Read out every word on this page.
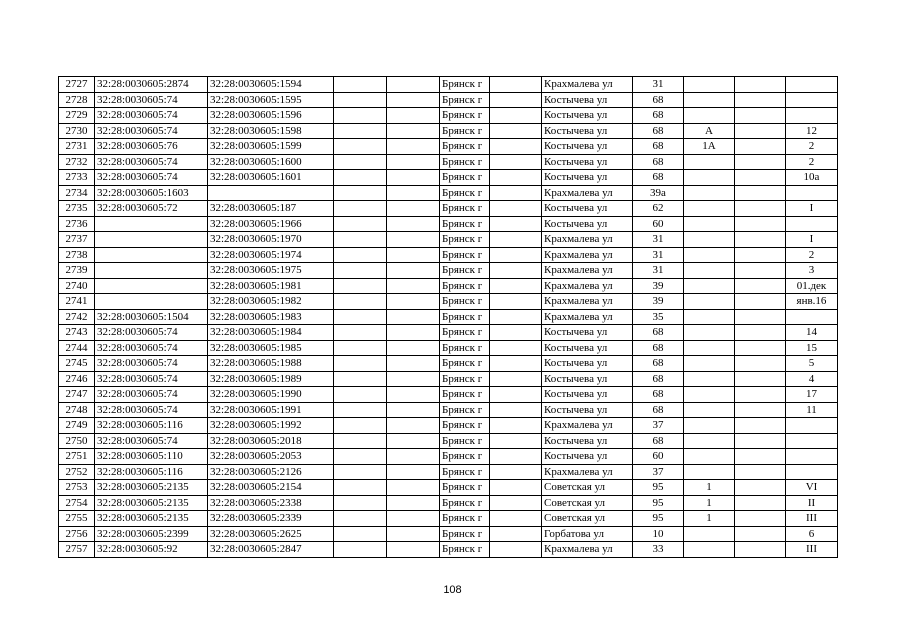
2727	32:28:0030605:2874	32:28:0030605:1594			Брянск г		Крахмалева ул	31			
2728	32:28:0030605:74	32:28:0030605:1595			Брянск г		Костычева ул	68			
2729	32:28:0030605:74	32:28:0030605:1596			Брянск г		Костычева ул	68			
2730	32:28:0030605:74	32:28:0030605:1598			Брянск г		Костычева ул	68	А		12
2731	32:28:0030605:76	32:28:0030605:1599			Брянск г		Костычева ул	68	1А		2
2732	32:28:0030605:74	32:28:0030605:1600			Брянск г		Костычева ул	68			2
2733	32:28:0030605:74	32:28:0030605:1601			Брянск г		Костычева ул	68			10а
2734	32:28:0030605:1603				Брянск г		Крахмалева ул	39а			
2735	32:28:0030605:72	32:28:0030605:187			Брянск г		Костычева ул	62			I
2736		32:28:0030605:1966			Брянск г		Костычева ул	60			
2737		32:28:0030605:1970			Брянск г		Крахмалева ул	31			I
2738		32:28:0030605:1974			Брянск г		Крахмалева ул	31			2
2739		32:28:0030605:1975			Брянск г		Крахмалева ул	31			3
2740		32:28:0030605:1981			Брянск г		Крахмалева ул	39			01.дек
2741		32:28:0030605:1982			Брянск г		Крахмалева ул	39			янв.16
2742	32:28:0030605:1504	32:28:0030605:1983			Брянск г		Крахмалева ул	35			
2743	32:28:0030605:74	32:28:0030605:1984			Брянск г		Костычева ул	68			14
2744	32:28:0030605:74	32:28:0030605:1985			Брянск г		Костычева ул	68			15
2745	32:28:0030605:74	32:28:0030605:1988			Брянск г		Костычева ул	68			5
2746	32:28:0030605:74	32:28:0030605:1989			Брянск г		Костычева ул	68			4
2747	32:28:0030605:74	32:28:0030605:1990			Брянск г		Костычева ул	68			17
2748	32:28:0030605:74	32:28:0030605:1991			Брянск г		Костычева ул	68			11
2749	32:28:0030605:116	32:28:0030605:1992			Брянск г		Крахмалева ул	37			
2750	32:28:0030605:74	32:28:0030605:2018			Брянск г		Костычева ул	68			
2751	32:28:0030605:110	32:28:0030605:2053			Брянск г		Костычева ул	60			
2752	32:28:0030605:116	32:28:0030605:2126			Брянск г		Крахмалева ул	37			
2753	32:28:0030605:2135	32:28:0030605:2154			Брянск г		Советская ул	95	1		VI
2754	32:28:0030605:2135	32:28:0030605:2338			Брянск г		Советская ул	95	1		II
2755	32:28:0030605:2135	32:28:0030605:2339			Брянск г		Советская ул	95	1		III
2756	32:28:0030605:2399	32:28:0030605:2625			Брянск г		Горбатова ул	10			6
2757	32:28:0030605:92	32:28:0030605:2847			Брянск г		Крахмалева ул	33			III
108
